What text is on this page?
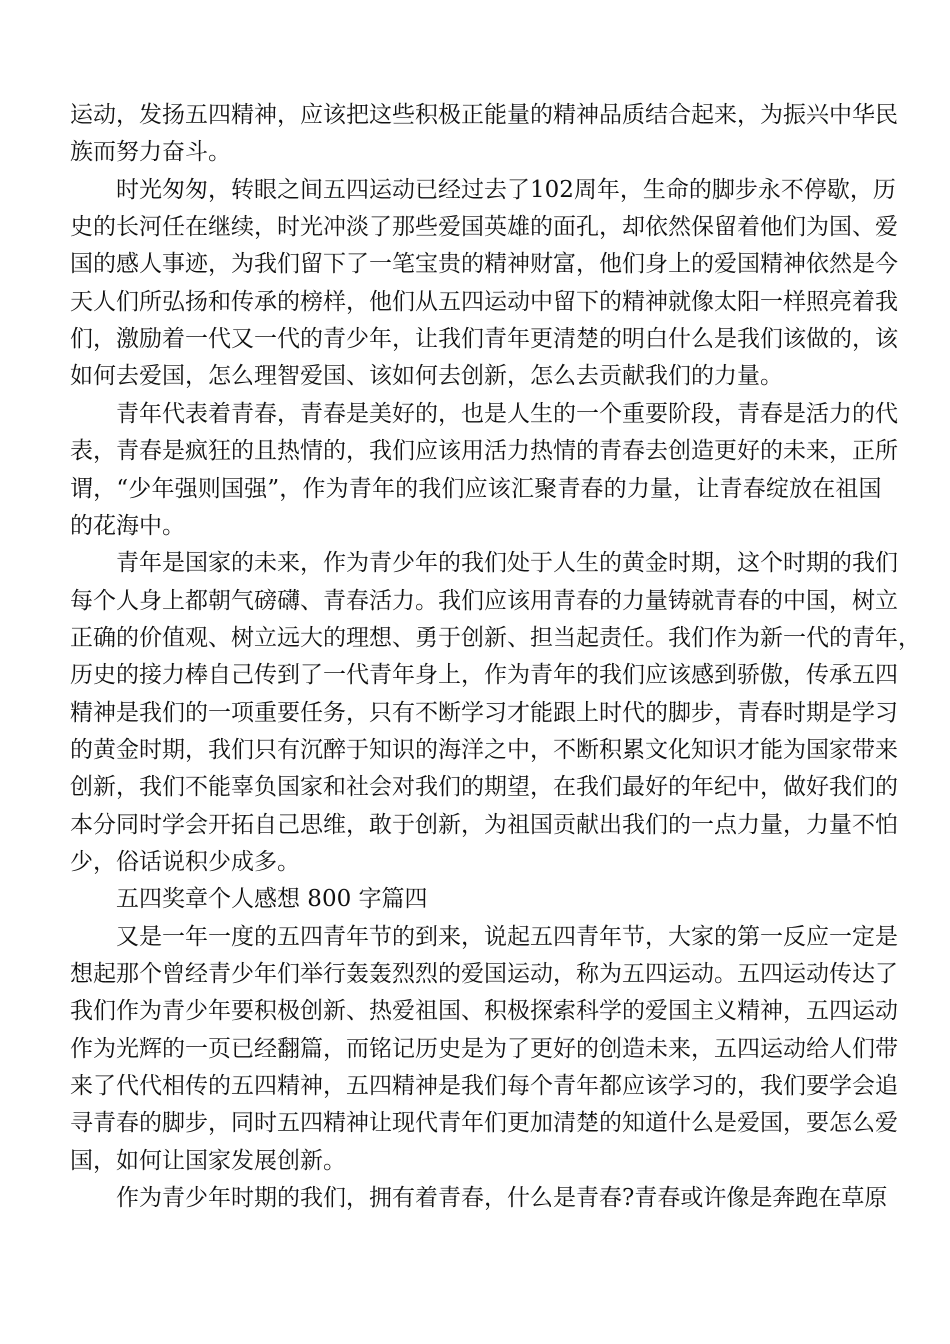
运 动 ， 发 扬 五 四 精 神 ， 应 该 把 这 些 积 极 正 能 量 的 精 神 品 质 结 合 起 来 ， 为 振 兴 中 华 民
族而努力奋斗。
时 光 匆 匆 ， 转 眼 之 间 五 四 运 动 已 经 过 去 了 102 周 年 ， 生 命 的 脚 步 永 不 停 歇 ， 历
史 的 长 河 任 在 继 续 ， 时 光 冲 淡 了 那 些 爱 国 英 雄 的 面 孔 ， 却 依 然 保 留 着 他 们 为 国 、 爱
国 的 感 人 事 迹 ， 为 我 们 留 下 了 一 笔 宝 贵 的 精 神 财 富 ， 他 们 身 上 的 爱 国 精 神 依 然 是 今
天 人 们 所 弘 扬 和 传 承 的 榜 样 ， 他 们 从 五 四 运 动 中 留 下 的 精 神 就 像 太 阳 一 样 照 亮 着 我
们 ， 激 励 着 一 代 又 一 代 的 青 少 年 ， 让 我 们 青 年 更 清 楚 的 明 白 什 么 是 我 们 该 做 的 ， 该
如何去爱国，怎么理智爱国、该如何去创新，怎么去贡献我们的力量。
青 年 代 表 着 青 春 ， 青 春 是 美 好 的 ， 也 是 人 生 的 一 个 重 要 阶 段 ， 青 春 是 活 力 的 代
表 ， 青 春 是 疯 狂 的 且 热 情 的 ， 我 们 应 该 用 活 力 热 情 的 青 春 去 创 造 更 好 的 未 来 ， 正 所
谓 ， “ 少 年 强 则 国 强 ” ， 作 为 青 年 的 我 们 应 该 汇 聚 青 春 的 力 量 ， 让 青 春 绽 放 在 祖 国
的花海中。
青 年 是 国 家 的 未 来 ， 作 为 青 少 年 的 我 们 处 于 人 生 的 黄 金 时 期 ， 这 个 时 期 的 我 们
每 个 人 身 上 都 朝 气 磅 礴 、 青 春 活 力 。 我 们 应 该 用 青 春 的 力 量 铸 就 青 春 的 中 国 ， 树 立
正 确 的 价 值 观 、 树 立 远 大 的 理 想 、 勇 于 创 新 、 担 当 起 责 任 。 我 们 作 为 新 一 代 的 青 年 ，
历 史 的 接 力 棒 自 己 传 到 了 一 代 青 年 身 上 ， 作 为 青 年 的 我 们 应 该 感 到 骄 傲 ， 传 承 五 四
精 神 是 我 们 的 一 项 重 要 任 务 ， 只 有 不 断 学 习 才 能 跟 上 时 代 的 脚 步 ， 青 春 时 期 是 学 习
的 黄 金 时 期 ， 我 们 只 有 沉 醉 于 知 识 的 海 洋 之 中 ， 不 断 积 累 文 化 知 识 才 能 为 国 家 带 来
创 新 ， 我 们 不 能 辜 负 国 家 和 社 会 对 我 们 的 期 望 ， 在 我 们 最 好 的 年 纪 中 ， 做 好 我 们 的
本 分 同 时 学 会 开 拓 自 己 思 维 ， 敢 于 创 新 ， 为 祖 国 贡 献 出 我 们 的 一 点 力 量 ， 力 量 不 怕
少，俗话说积少成多。
五四奖章个人感想 800 字篇四
又 是 一 年 一 度 的 五 四 青 年 节 的 到 来 ， 说 起 五 四 青 年 节 ， 大 家 的 第 一 反 应 一 定 是
想 起 那 个 曾 经 青 少 年 们 举 行 轰 轰 烈 烈 的 爱 国 运 动 ， 称 为 五 四 运 动 。 五 四 运 动 传 达 了
我 们 作 为 青 少 年 要 积 极 创 新 、 热 爱 祖 国 、 积 极 探 索 科 学 的 爱 国 主 义 精 神 ， 五 四 运 动
作 为 光 辉 的 一 页 已 经 翻 篇 ， 而 铭 记 历 史 是 为 了 更 好 的 创 造 未 来 ， 五 四 运 动 给 人 们 带
来 了 代 代 相 传 的 五 四 精 神 ， 五 四 精 神 是 我 们 每 个 青 年 都 应 该 学 习 的 ， 我 们 要 学 会 追
寻 青 春 的 脚 步 ， 同 时 五 四 精 神 让 现 代 青 年 们 更 加 清 楚 的 知 道 什 么 是 爱 国 ， 要 怎 么 爱
国，如何让国家发展创新。
作 为 青 少 年 时 期 的 我 们 ， 拥 有 着 青 春 ， 什 么 是 青 春 ? 青 春 或 许 像 是 奔 跑 在 草 原
